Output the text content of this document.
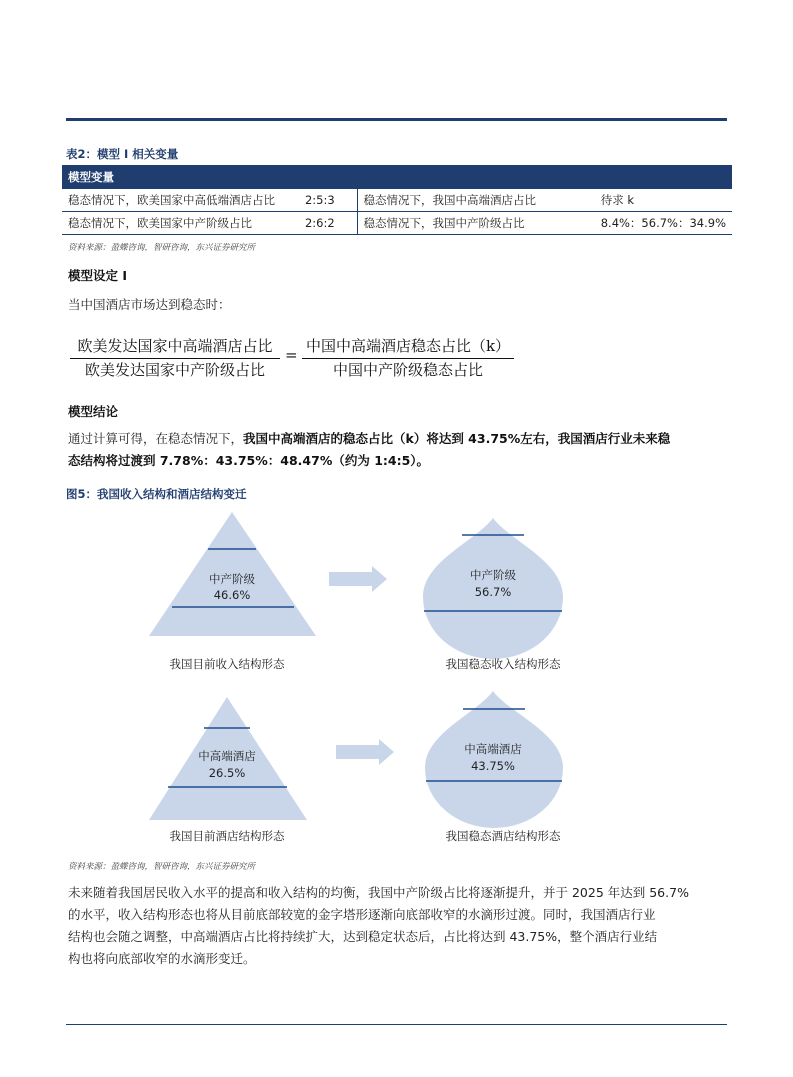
表2：模型 I 相关变量
模型变量			
稳态情况下，欧美国家中高低端酒店占比	2:5:3	稳态情况下，我国中高端酒店占比	待求 k
稳态情况下，欧美国家中产阶级占比	2:6:2	稳态情况下，我国中产阶级占比	8.4%：56.7%：34.9%
资料来源：盈蝶咨询，智研咨询，东兴证券研究所
模型设定 I
当中国酒店市场达到稳态时：
欧美发达国家中高端酒店占比
欧美发达国家中产阶级占比
= 中国中高端酒店稳态占比（k）
中国中产阶级稳态占比
模型结论
通过计算可得，在稳态情况下，我国中高端酒店的稳态占比（k）将达到 43.75%左右，我国酒店行业未来稳
态结构将过渡到 7.78%：43.75%：48.47%（约为 1:4:5）。
图5：我国收入结构和酒店结构变迁
中产阶级
46.6%
中产阶级
56.7%
我国目前收入结构形态	我国稳态收入结构形态
中高端酒店
26.5%
中高端酒店
43.75%
我国目前酒店结构形态	我国稳态酒店结构形态
资料来源：盈蝶咨询，智研咨询，东兴证券研究所
未来随着我国居民收入水平的提高和收入结构的均衡，我国中产阶级占比将逐渐提升，并于 2025 年达到 56.7%
的水平，收入结构形态也将从目前底部较宽的金字塔形逐渐向底部收窄的水滴形过渡。同时，我国酒店行业
结构也会随之调整，中高端酒店占比将持续扩大，达到稳定状态后，占比将达到 43.75%，整个酒店行业结
构也将向底部收窄的水滴形变迁。
